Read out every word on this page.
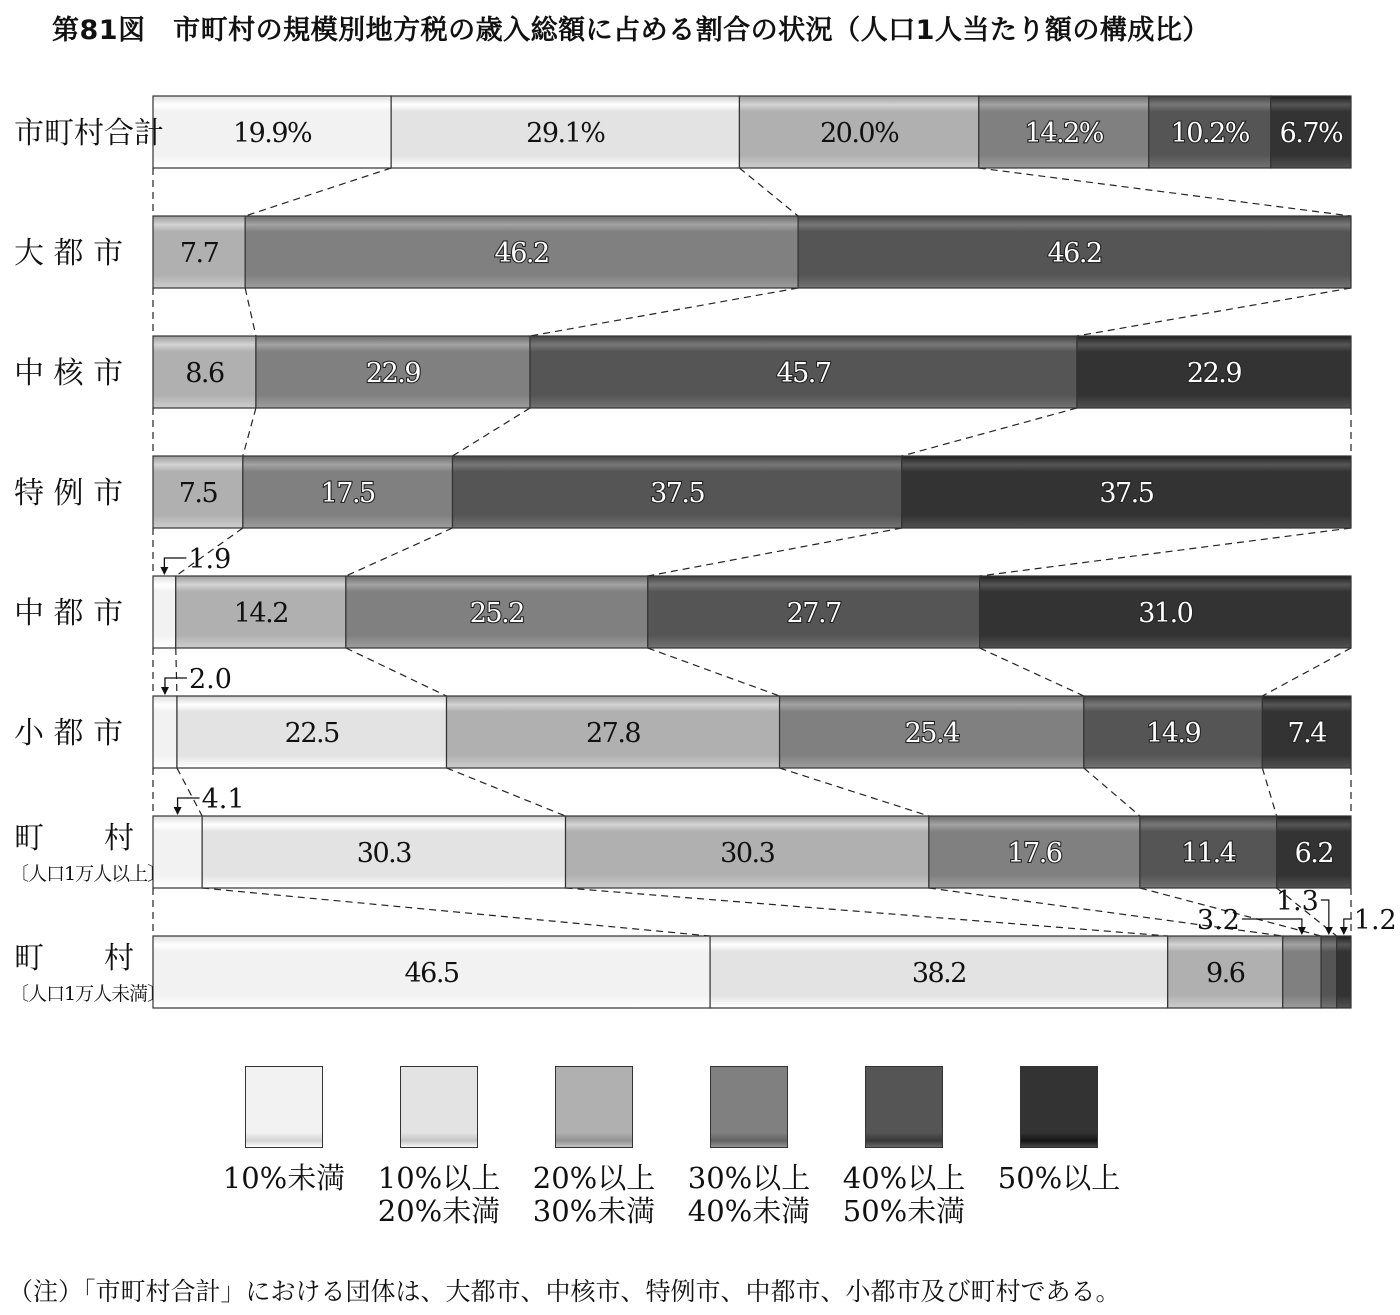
第81図　市町村の規模別地方税の歳入総額に占める割合の状況（人口1人当たり額の構成比）
19.9%	29.1%	20.0%	14.2%	10.2% 6.7%
7.7	46.2	46.2
8.6	22.9	45.7	22.9
7.5	17.5	37.5	37.5
14.2	25.2	27.7	31.0
22.5	27.8	25.4	14.9	7.4
30.3	30.3	17.6	11.4 6.2
46.5	38.2	9.6
1.9
2.0
4.1
3.2
1.3
1.2
市町村合計
大 都 市
中 核 市
特 例 市
中 都 市
小 都 市
町　　村
〔人口1万人以上〕
町　　村
〔人口1万人未満〕
10%未満	10%以上
20%未満
20%以上
30%未満
30%以上
40%未満
40%以上
50%未満
50%以上
（注）「市町村合計」における団体は、大都市、中核市、特例市、中都市、小都市及び町村である。
